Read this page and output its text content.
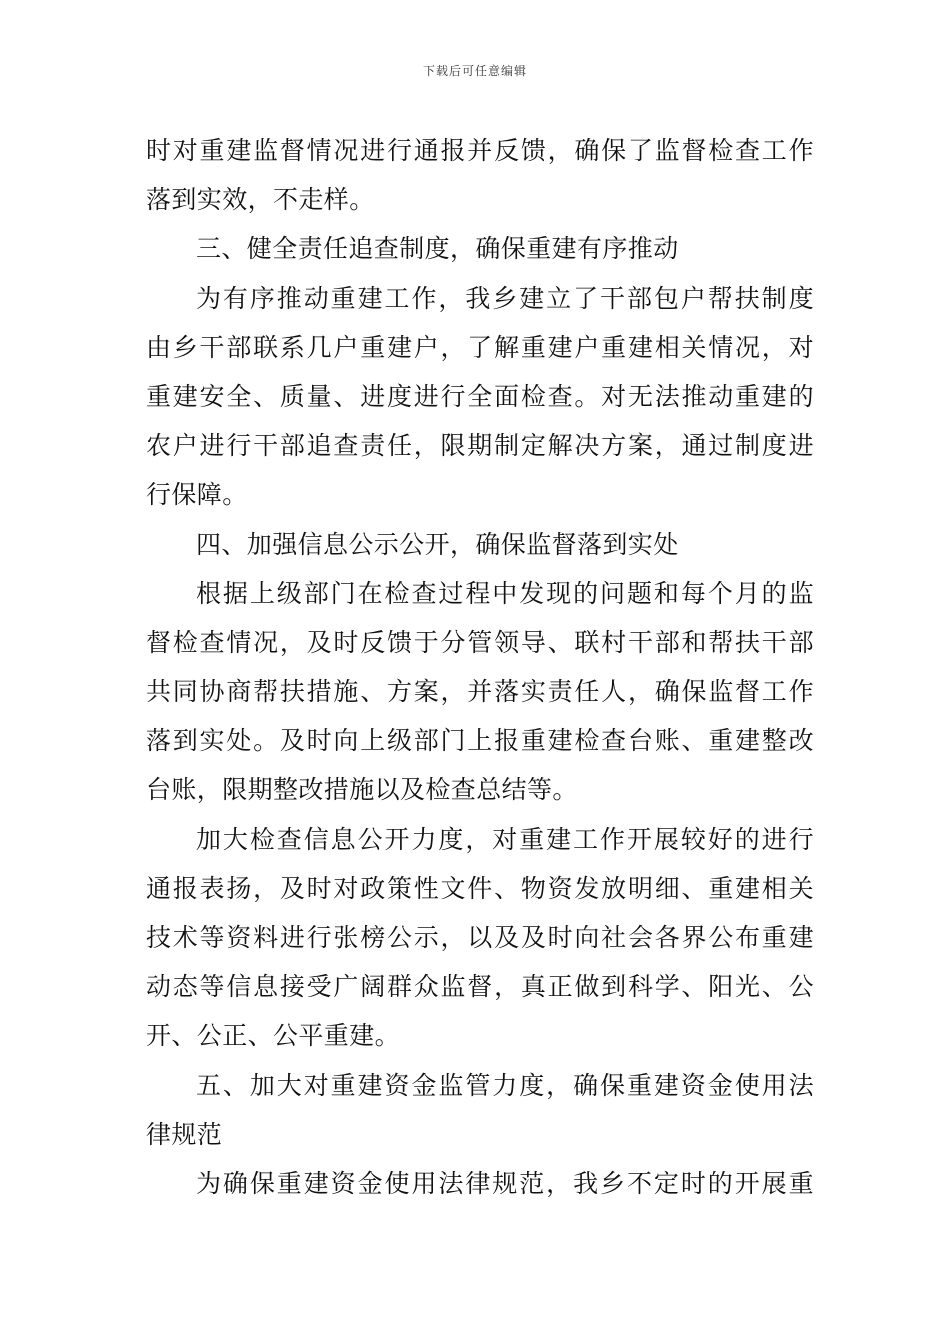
下载后可任意编辑
时对重建监督情况进行通报并反馈，确保了监督检查工作
落到实效，不走样。
三、健全责任追查制度，确保重建有序推动
为有序推动重建工作，我乡建立了干部包户帮扶制度
由乡干部联系几户重建户，了解重建户重建相关情况，对
重建安全、质量、进度进行全面检查。对无法推动重建的
农户进行干部追查责任，限期制定解决方案，通过制度进
行保障。
四、加强信息公示公开，确保监督落到实处
根据上级部门在检查过程中发现的问题和每个月的监
督检查情况，及时反馈于分管领导、联村干部和帮扶干部
共同协商帮扶措施、方案，并落实责任人，确保监督工作
落到实处。及时向上级部门上报重建检查台账、重建整改
台账，限期整改措施以及检查总结等。
加大检查信息公开力度，对重建工作开展较好的进行
通报表扬，及时对政策性文件、物资发放明细、重建相关
技术等资料进行张榜公示，以及及时向社会各界公布重建
动态等信息接受广阔群众监督，真正做到科学、阳光、公
开、公正、公平重建。
五、加大对重建资金监管力度，确保重建资金使用法
律规范
为确保重建资金使用法律规范，我乡不定时的开展重
